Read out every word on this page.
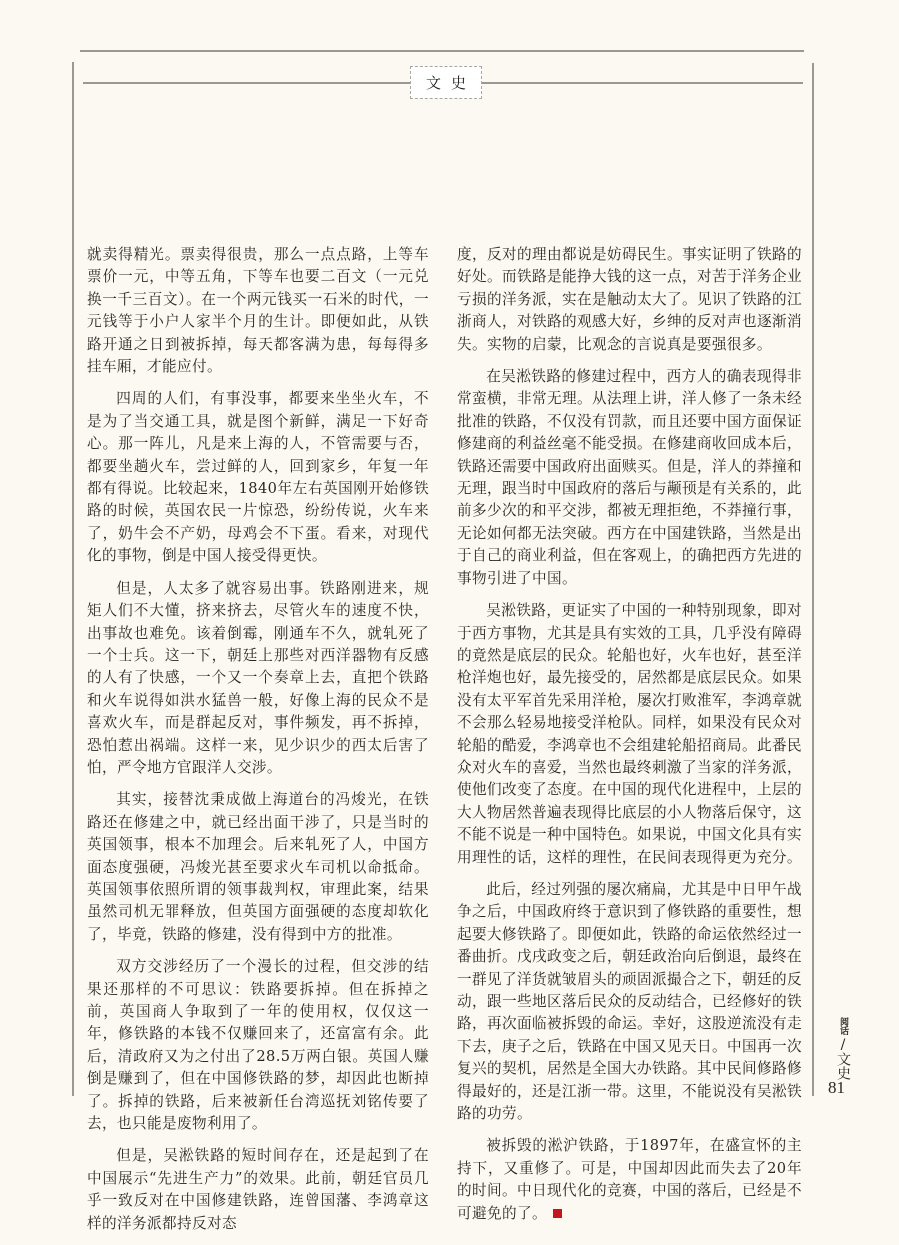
文史

就卖得精光。票卖得很贵，那么一点点路，上等车票价一元，中等五角，下等车也要二百文（一元兑换一千三百文）。在一个两元钱买一石米的时代，一元钱等于小户人家半个月的生计。即便如此，从铁路开通之日到被拆掉，每天都客满为患，每每得多挂车厢，才能应付。

四周的人们，有事没事，都要来坐坐火车，不是为了当交通工具，就是图个新鲜，满足一下好奇心。那一阵儿，凡是来上海的人，不管需要与否，都要坐趟火车，尝过鲜的人，回到家乡，年复一年都有得说。比较起来，1840年左右英国刚开始修铁路的时候，英国农民一片惊恐，纷纷传说，火车来了，奶牛会不产奶，母鸡会不下蛋。看来，对现代化的事物，倒是中国人接受得更快。

但是，人太多了就容易出事。铁路刚进来，规矩人们不大懂，挤来挤去，尽管火车的速度不快，出事故也难免。该着倒霉，刚通车不久，就轧死了一个士兵。这一下，朝廷上那些对西洋器物有反感的人有了快感，一个又一个奏章上去，直把个铁路和火车说得如洪水猛兽一般，好像上海的民众不是喜欢火车，而是群起反对，事件频发，再不拆掉，恐怕惹出祸端。这样一来，见少识少的西太后害了怕，严令地方官跟洋人交涉。

其实，接替沈秉成做上海道台的冯焌光，在铁路还在修建之中，就已经出面干涉了，只是当时的英国领事，根本不加理会。后来轧死了人，中国方面态度强硬，冯焌光甚至要求火车司机以命抵命。英国领事依照所谓的领事裁判权，审理此案，结果虽然司机无罪释放，但英国方面强硬的态度却软化了，毕竟，铁路的修建，没有得到中方的批准。

双方交涉经历了一个漫长的过程，但交涉的结果还那样的不可思议：铁路要拆掉。但在拆掉之前，英国商人争取到了一年的使用权，仅仅这一年，修铁路的本钱不仅赚回来了，还富富有余。此后，清政府又为之付出了28.5万两白银。英国人赚倒是赚到了，但在中国修铁路的梦，却因此也断掉了。拆掉的铁路，后来被新任台湾巡抚刘铭传要了去，也只能是废物利用了。

但是，吴淞铁路的短时间存在，还是起到了在中国展示“先进生产力”的效果。此前，朝廷官员几乎一致反对在中国修建铁路，连曾国藩、李鸿章这样的洋务派都持反对态

度，反对的理由都说是妨碍民生。事实证明了铁路的好处。而铁路是能挣大钱的这一点，对苦于洋务企业亏损的洋务派，实在是触动太大了。见识了铁路的江浙商人，对铁路的观感大好，乡绅的反对声也逐渐消失。实物的启蒙，比观念的言说真是要强很多。

在吴淞铁路的修建过程中，西方人的确表现得非常蛮横，非常无理。从法理上讲，洋人修了一条未经批准的铁路，不仅没有罚款，而且还要中国方面保证修建商的利益丝毫不能受损。在修建商收回成本后，铁路还需要中国政府出面赎买。但是，洋人的莽撞和无理，跟当时中国政府的落后与颟顸是有关系的，此前多少次的和平交涉，都被无理拒绝，不莽撞行事，无论如何都无法突破。西方在中国建铁路，当然是出于自己的商业利益，但在客观上，的确把西方先进的事物引进了中国。

吴淞铁路，更证实了中国的一种特别现象，即对于西方事物，尤其是具有实效的工具，几乎没有障碍的竟然是底层的民众。轮船也好，火车也好，甚至洋枪洋炮也好，最先接受的，居然都是底层民众。如果没有太平军首先采用洋枪，屡次打败淮军，李鸿章就不会那么轻易地接受洋枪队。同样，如果没有民众对轮船的酷爱，李鸿章也不会组建轮船招商局。此番民众对火车的喜爱，当然也最终刺激了当家的洋务派，使他们改变了态度。在中国的现代化进程中，上层的大人物居然普遍表现得比底层的小人物落后保守，这不能不说是一种中国特色。如果说，中国文化具有实用理性的话，这样的理性，在民间表现得更为充分。

此后，经过列强的屡次痛扁，尤其是中日甲午战争之后，中国政府终于意识到了修铁路的重要性，想起要大修铁路了。即便如此，铁路的命运依然经过一番曲折。戊戌政变之后，朝廷政治向后倒退，最终在一群见了洋货就皱眉头的顽固派撮合之下，朝廷的反动，跟一些地区落后民众的反动结合，已经修好的铁路，再次面临被拆毁的命运。幸好，这股逆流没有走下去，庚子之后，铁路在中国又见天日。中国再一次复兴的契机，居然是全国大办铁路。其中民间修路修得最好的，还是江浙一带。这里，不能说没有吴淞铁路的功劳。

被拆毁的淞沪铁路，于1897年，在盛宣怀的主持下，又重修了。可是，中国却因此而失去了20年的时间。中日现代化的竞赛，中国的落后，已经是不可避免的了。

阅话
/
文史
81
